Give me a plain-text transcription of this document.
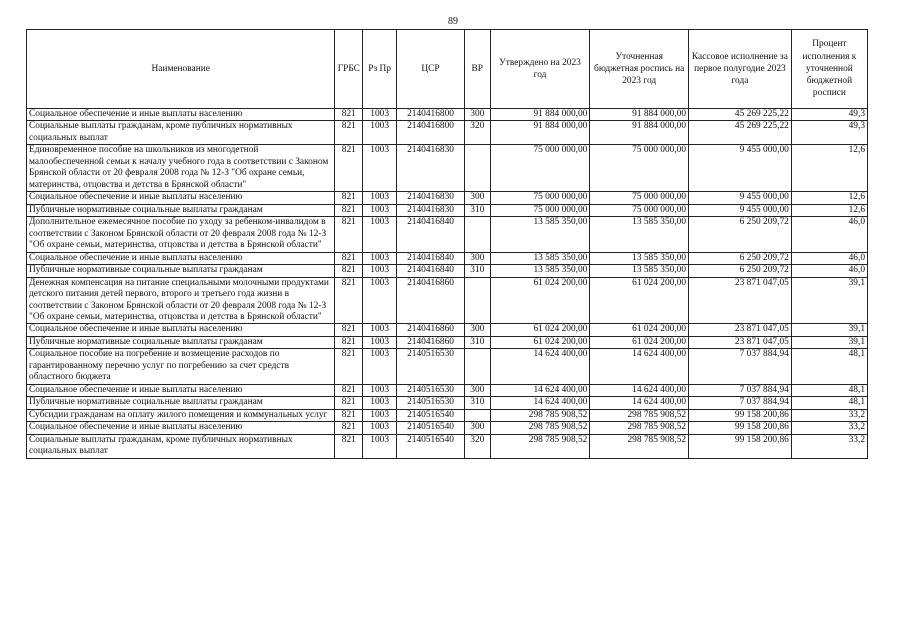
89
Наименование	ГРБС	Рз Пр	ЦСР	ВР	Утверждено на 2023 год	Уточненная бюджетная роспись на 2023 год	Кассовое исполнение за первое полугодие 2023 года	Процент исполнения к уточненной бюджетной росписи
Социальное обеспечение и иные выплаты населению	821	1003	2140416800	300	91 884 000,00	91 884 000,00	45 269 225,22	49,3
Социальные выплаты гражданам, кроме публичных нормативных социальных выплат	821	1003	2140416800	320	91 884 000,00	91 884 000,00	45 269 225,22	49,3
Единовременное пособие на школьников из многодетной малообеспеченной семьи к началу учебного года в соответствии с Законом Брянской области от 20 февраля 2008 года № 12-З "Об охране семьи, материнства, отцовства и детства в Брянской области"	821	1003	2140416830		75 000 000,00	75 000 000,00	9 455 000,00	12,6
Социальное обеспечение и иные выплаты населению	821	1003	2140416830	300	75 000 000,00	75 000 000,00	9 455 000,00	12,6
Публичные нормативные социальные выплаты гражданам	821	1003	2140416830	310	75 000 000,00	75 000 000,00	9 455 000,00	12,6
Дополнительное ежемесячное пособие по уходу за ребенком-инвалидом в соответствии с Законом Брянской области от 20 февраля 2008 года № 12-З "Об охране семьи, материнства, отцовства и детства в Брянской области"	821	1003	2140416840		13 585 350,00	13 585 350,00	6 250 209,72	46,0
Социальное обеспечение и иные выплаты населению	821	1003	2140416840	300	13 585 350,00	13 585 350,00	6 250 209,72	46,0
Публичные нормативные социальные выплаты гражданам	821	1003	2140416840	310	13 585 350,00	13 585 350,00	6 250 209,72	46,0
Денежная компенсация на питание специальными молочными продуктами детского питания детей первого, второго и третьего года жизни в соответствии с Законом Брянской области от 20 февраля 2008 года № 12-З "Об охране семьи, материнства, отцовства и детства в Брянской области"	821	1003	2140416860		61 024 200,00	61 024 200,00	23 871 047,05	39,1
Социальное обеспечение и иные выплаты населению	821	1003	2140416860	300	61 024 200,00	61 024 200,00	23 871 047,05	39,1
Публичные нормативные социальные выплаты гражданам	821	1003	2140416860	310	61 024 200,00	61 024 200,00	23 871 047,05	39,1
Социальное пособие на погребение и возмещение расходов по гарантированному перечню услуг по погребению за счет средств областного бюджета	821	1003	2140516530		14 624 400,00	14 624 400,00	7 037 884,94	48,1
Социальное обеспечение и иные выплаты населению	821	1003	2140516530	300	14 624 400,00	14 624 400,00	7 037 884,94	48,1
Публичные нормативные социальные выплаты гражданам	821	1003	2140516530	310	14 624 400,00	14 624 400,00	7 037 884,94	48,1
Субсидии гражданам на оплату жилого помещения и коммунальных услуг	821	1003	2140516540		298 785 908,52	298 785 908,52	99 158 200,86	33,2
Социальное обеспечение и иные выплаты населению	821	1003	2140516540	300	298 785 908,52	298 785 908,52	99 158 200,86	33,2
Социальные выплаты гражданам, кроме публичных нормативных социальных выплат	821	1003	2140516540	320	298 785 908,52	298 785 908,52	99 158 200,86	33,2
